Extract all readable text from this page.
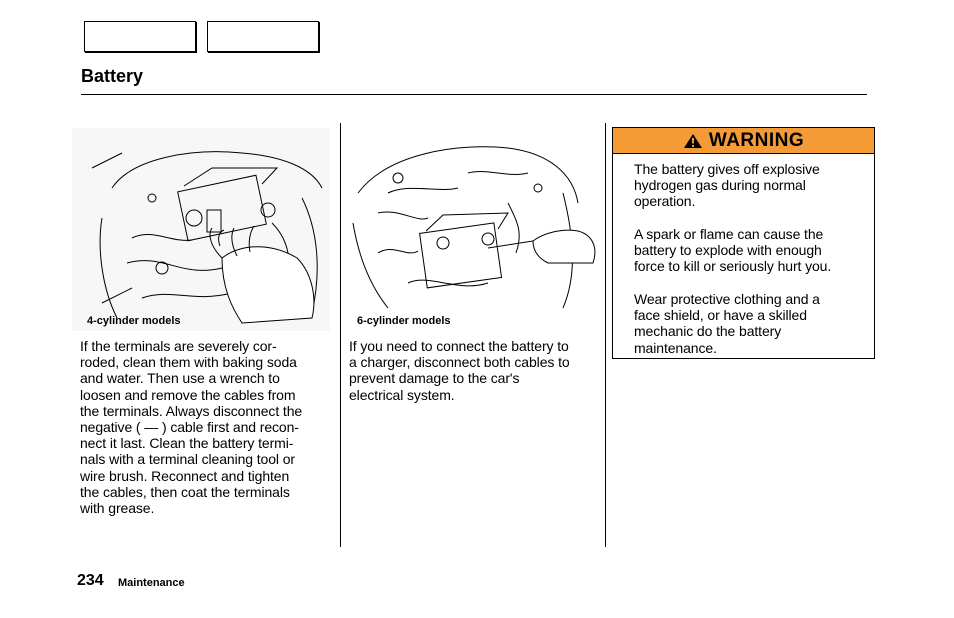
Battery
4-cylinder models	6-cylinder models
If the terminals are severely cor-
roded, clean them with baking soda
and water. Then use a wrench to
loosen and remove the cables from
the terminals. Always disconnect the
negative ( — ) cable first and recon-
nect it last. Clean the battery termi-
nals with a terminal cleaning tool or
wire brush. Reconnect and tighten
the cables, then coat the terminals
with grease.
If you need to connect the battery to
a charger, disconnect both cables to
prevent damage to the car's
electrical system.
WARNING
The battery gives off explosive
hydrogen gas during normal
operation.
A spark or flame can cause the
battery to explode with enough
force to kill or seriously hurt you.
Wear protective clothing and a
face shield, or have a skilled
mechanic do the battery
maintenance.
234 Maintenance
